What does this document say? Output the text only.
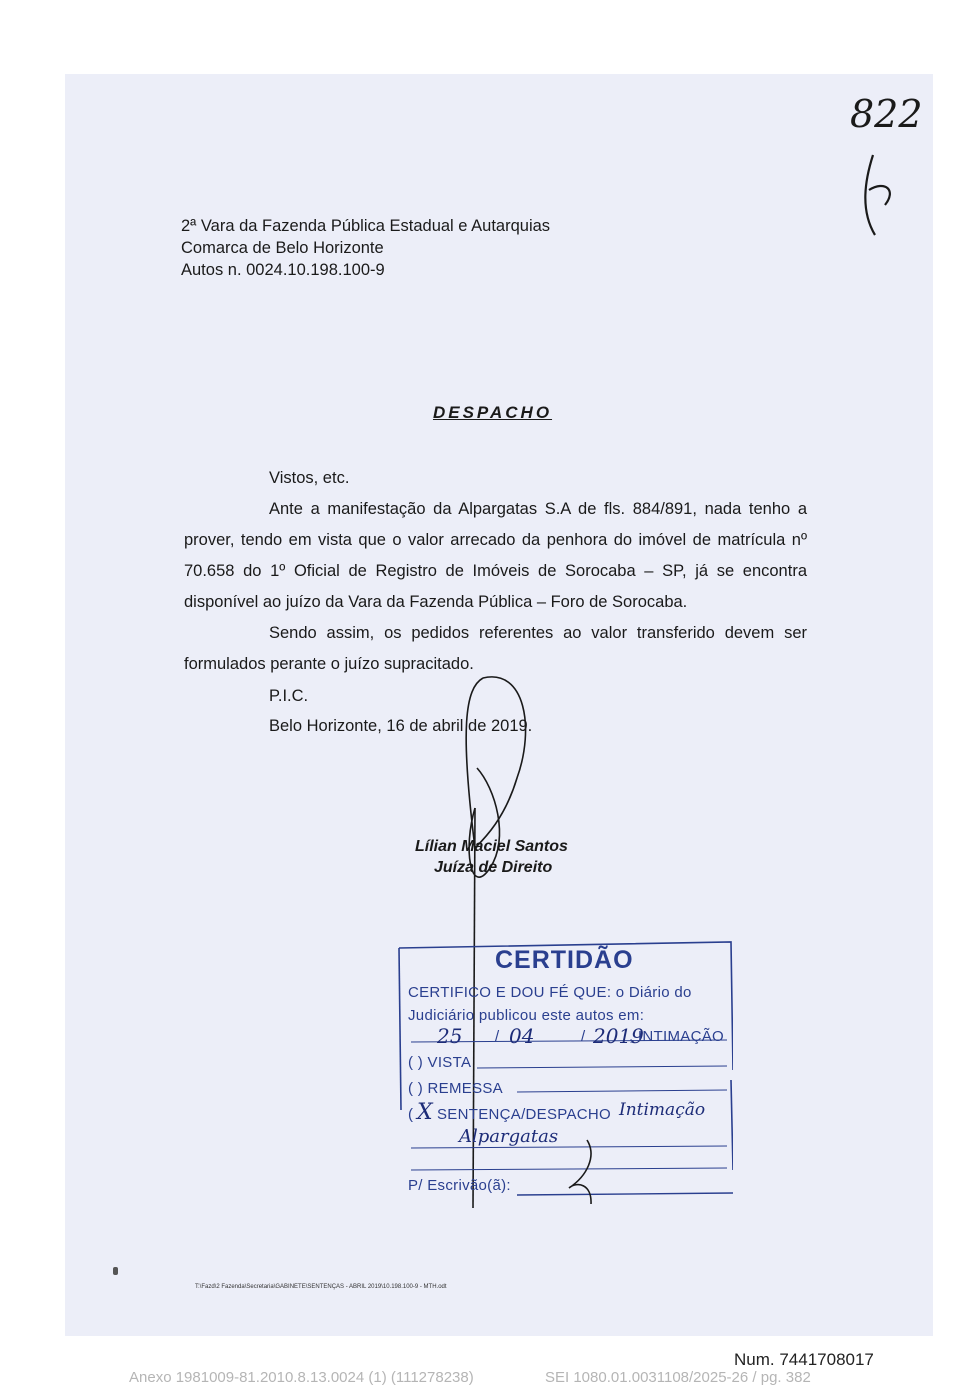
822
2ª Vara da Fazenda Pública Estadual e Autarquias
Comarca de Belo Horizonte
Autos n. 0024.10.198.100-9
DESPACHO

Vistos, etc.

Ante a manifestação da Alpargatas S.A de fls. 884/891, nada tenho a prover, tendo em vista que o valor arrecado da penhora do imóvel de matrícula nº 70.658 do 1º Oficial de Registro de Imóveis de Sorocaba – SP, já se encontra disponível ao juízo da Vara da Fazenda Pública – Foro de Sorocaba.

Sendo assim, os pedidos referentes ao valor transferido devem ser formulados perante o juízo supracitado.

P.I.C.

Belo Horizonte, 16 de abril de 2019.

Lílian Maciel Santos
Juíza de Direito
CERTIDÃO
CERTIFICO E DOU FÉ QUE: o Diário do
Judiciário publicou este autos em:
25 / 04	/ 2019
, INTIMAÇÃO
( ) VISTA
( ) REMESSA
X
( SENTENÇA/DESPACHO Intimação
Alpargatas
P/ Escrivão(ã):
T:\Fazd\2 Fazenda\Secretaria\GABINETE\SENTENÇAS - ABRIL 2019\10.198.100-9 - MTH.odt
Num. 7441708017
Anexo 1981009-81.2010.8.13.0024 (1) (111278238)	SEI 1080.01.0031108/2025-26 / pg. 382
